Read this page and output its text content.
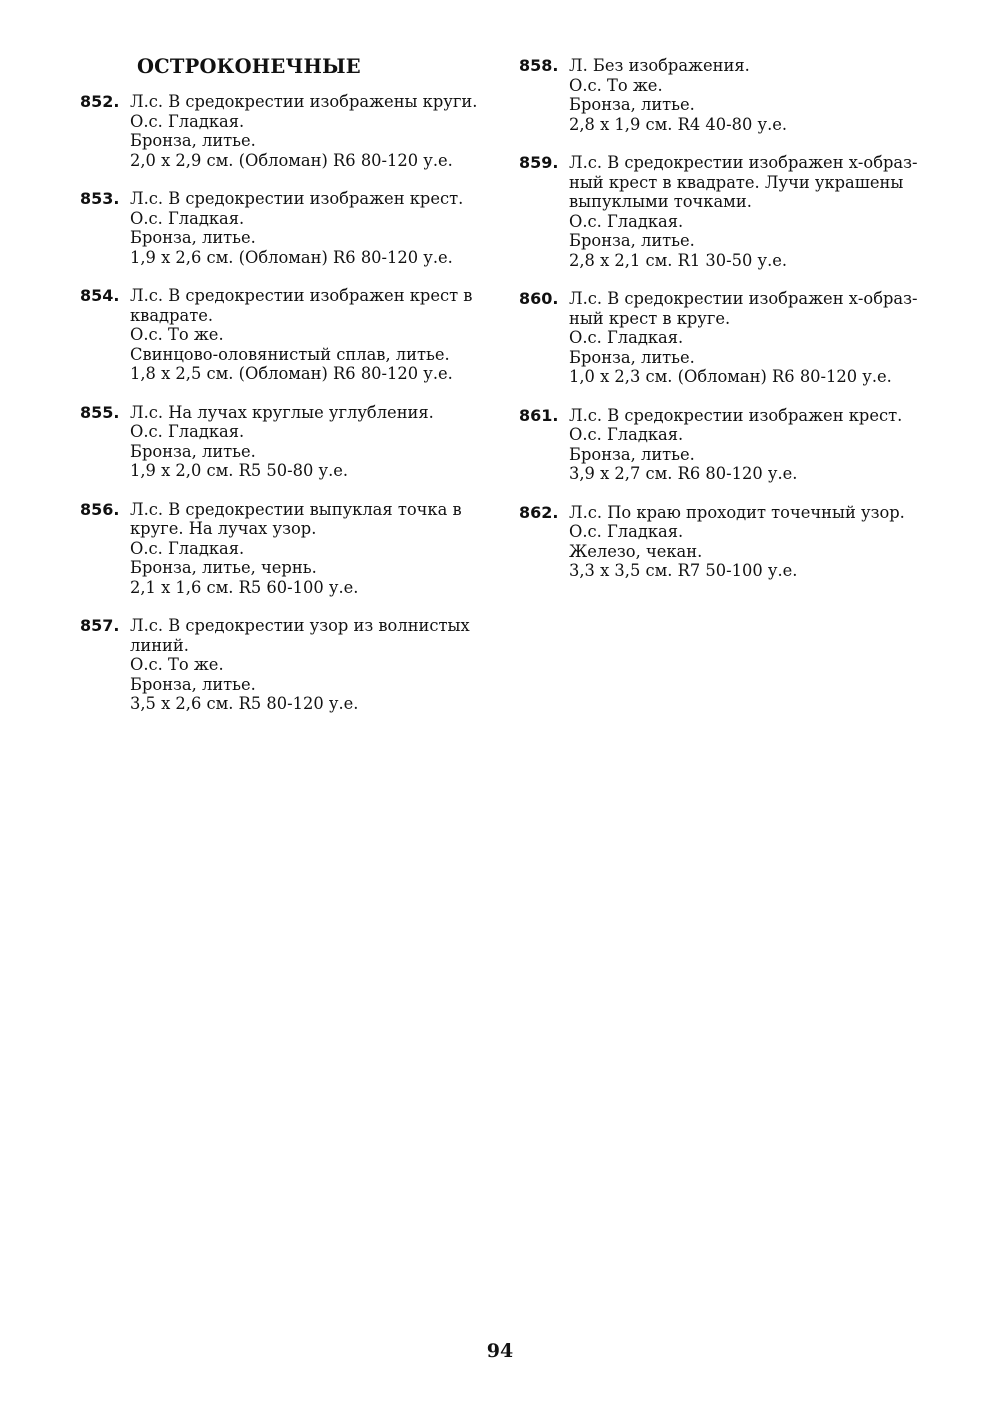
ОСТРОКОНЕЧНЫЕ
852. Л.с. В средокрестии изображены круги.
О.с. Гладкая.
Бронза, литье.
2,0 х 2,9 см. (Обломан) R6 80-120 у.е.
853. Л.с. В средокрестии изображен крест.
О.с. Гладкая.
Бронза, литье.
1,9 х 2,6 см. (Обломан) R6 80-120 у.е.
854. Л.с. В средокрестии изображен крест в
квадрате.
О.с. То же.
Свинцово-оловянистый сплав, литье.
1,8 х 2,5 см. (Обломан) R6 80-120 у.е.
855. Л.с. На лучах круглые углубления.
О.с. Гладкая.
Бронза, литье.
1,9 х 2,0 см. R5 50-80 у.е.
856. Л.с. В средокрестии выпуклая точка в
круге. На лучах узор.
О.с. Гладкая.
Бронза, литье, чернь.
2,1 х 1,6 см. R5 60-100 у.е.
857. Л.с. В средокрестии узор из волнистых
линий.
О.с. То же.
Бронза, литье.
3,5 х 2,6 см. R5 80-120 у.е.
858. Л. Без изображения.
О.с. То же.
Бронза, литье.
2,8 х 1,9 см. R4 40-80 у.е.
859. Л.с. В средокрестии изображен х-образ-
ный крест в квадрате. Лучи украшены
выпуклыми точками.
О.с. Гладкая.
Бронза, литье.
2,8 х 2,1 см. R1 30-50 у.е.
860. Л.с. В средокрестии изображен х-образ-
ный крест в круге.
О.с. Гладкая.
Бронза, литье.
1,0 х 2,3 см. (Обломан) R6 80-120 у.е.
861. Л.с. В средокрестии изображен крест.
О.с. Гладкая.
Бронза, литье.
3,9 х 2,7 см. R6 80-120 у.е.
862. Л.с. По краю проходит точечный узор.
О.с. Гладкая.
Железо, чекан.
3,3 х 3,5 см. R7 50-100 у.е.
94
